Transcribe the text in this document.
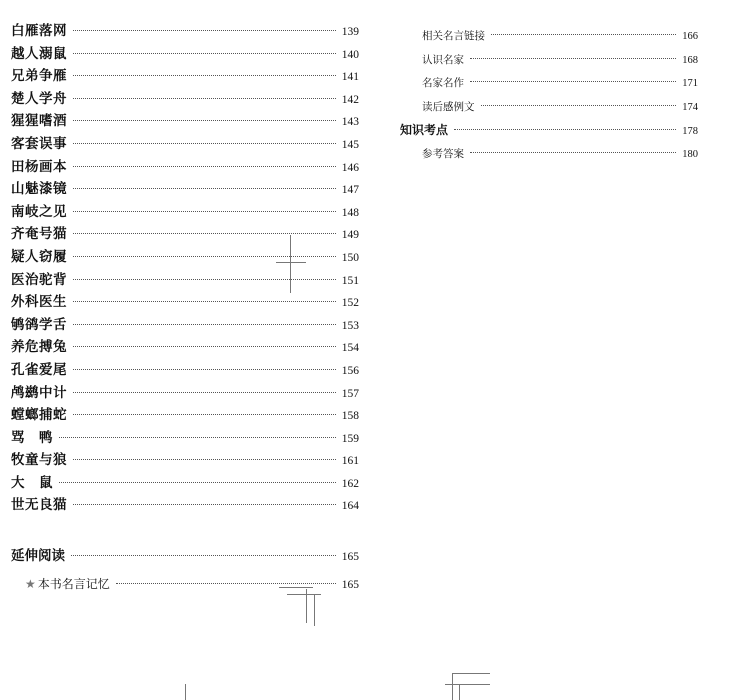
白雁落网	139
越人溺鼠	140
兄弟争雁	141
楚人学舟	142
猩猩嗜酒	143
客套误事	145
田杨画本	146
山魅漆镜	147
南岐之见	148
齐奄号猫	149
疑人窃履	150
医治驼背	151
外科医生	152
鸲鹆学舌	153
养危搏兔	154
孔雀爱尾	156
鸬鹚中计	157
螳螂捕蛇	158
骂　鸭	159
牧童与狼	161
大　鼠	162
世无良猫	164
延伸阅读	165
★ 本书名言记忆	165
相关名言链接	166
认识名家	168
名家名作	171
读后感例文	174
知识考点	178
参考答案	180
